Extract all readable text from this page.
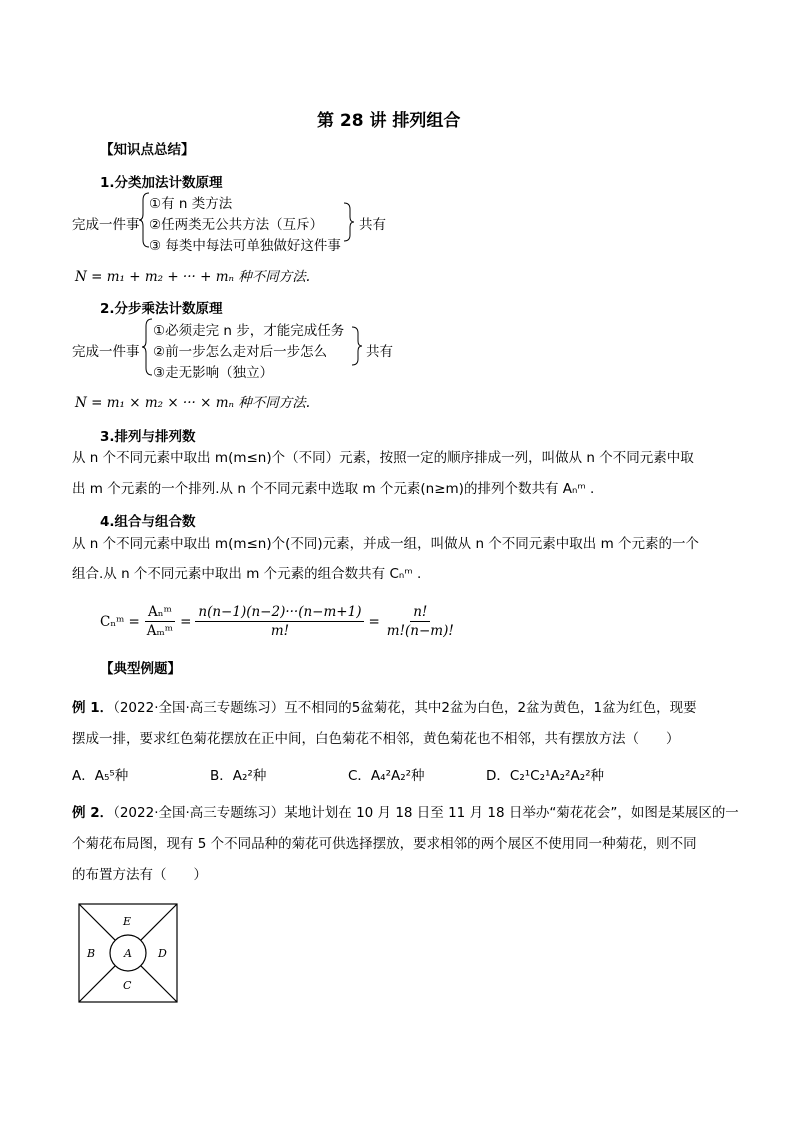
第 28 讲 排列组合
【知识点总结】
1.分类加法计数原理
完成一件事
①有 n 类方法
②任两类无公共方法（互斥）
③ 每类中每法可单独做好这件事
共有
N = m₁ + m₂ + ··· + mₙ 种不同方法.
2.分步乘法计数原理
完成一件事
①必须走完 n 步，才能完成任务
②前一步怎么走对后一步怎么
③走无影响（独立）
共有
N = m₁ × m₂ × ··· × mₙ 种不同方法.
3.排列与排列数
从 n 个不同元素中取出 m(m≤n)个（不同）元素，按照一定的顺序排成一列，叫做从 n 个不同元素中取
出 m 个元素的一个排列.从 n 个不同元素中选取 m 个元素(n≥m)的排列个数共有 Aₙᵐ .
4.组合与组合数
从 n 个不同元素中取出 m(m≤n)个(不同)元素，并成一组，叫做从 n 个不同元素中取出 m 个元素的一个
组合.从 n 个不同元素中取出 m 个元素的组合数共有 Cₙᵐ .
Cₙᵐ = $\frac{\text{Aₙᵐ}}{\text{Aₘᵐ}} = \frac{n(n-1)(n-2)\cdot\cdot\cdot(n-m+1)}{m!} = \frac{n!}{m!(n-m)!}$
【典型例题】
例 1．（2022·全国·高三专题练习）互不相同的5盆菊花，其中2盆为白色，2盆为黄色，1盆为红色，现要
摆成一排，要求红色菊花摆放在正中间，白色菊花不相邻，黄色菊花也不相邻，共有摆放方法（　　）
A．A₅⁵种	B．A₂²种	C．A₄²A₂²种	D．C₂¹C₂¹A₂²A₂²种
例 2．（2022·全国·高三专题练习）某地计划在 10 月 18 日至 11 月 18 日举办“菊花花会”，如图是某展区的一
个菊花布局图，现有 5 个不同品种的菊花可供选择摆放，要求相邻的两个展区不使用同一种菊花，则不同
的布置方法有（　　）
A
B
C
D
E
